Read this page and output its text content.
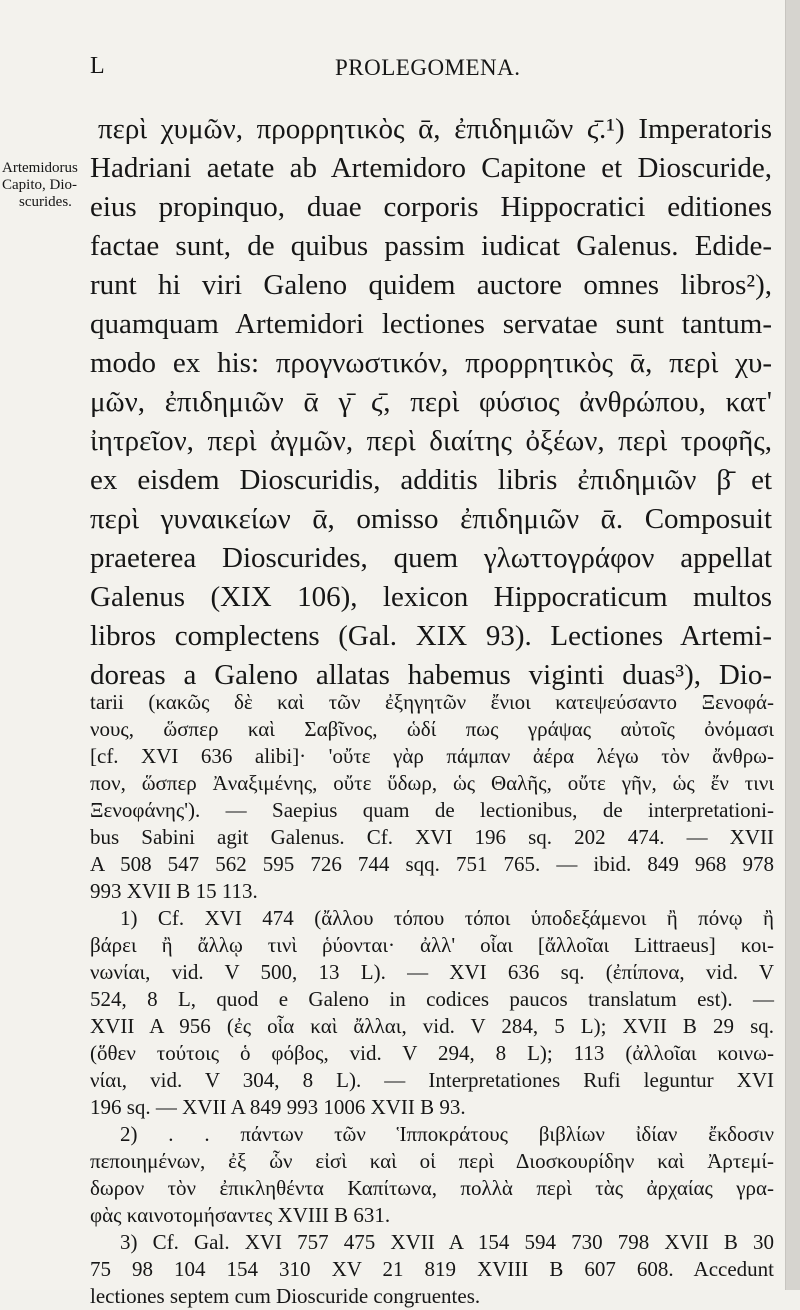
L	PROLEGOMENA.
Artemidorus
Capito, Dio-
scurides.
περὶ χυμῶν, προρρητικὸς ᾱ, ἐπιδημιῶν ϛ̄.¹) Imperatoris
Hadriani aetate ab Artemidoro Capitone et Dioscuride,
eius propinquo, duae corporis Hippocratici editiones
factae sunt, de quibus passim iudicat Galenus. Edide-
runt hi viri Galeno quidem auctore omnes libros²),
quamquam Artemidori lectiones servatae sunt tantum-
modo ex his: προγνωστικόν, προρρητικὸς ᾱ, περὶ χυ-
μῶν, ἐπιδημιῶν ᾱ γ̄ ϛ̄, περὶ φύσιος ἀνθρώπου, κατ'
ἰητρεῖον, περὶ ἀγμῶν, περὶ διαίτης ὀξέων, περὶ τροφῆς,
ex eisdem Dioscuridis, additis libris ἐπιδημιῶν β̄ et
περὶ γυναικείων ᾱ, omisso ἐπιδημιῶν ᾱ. Composuit
praeterea Dioscurides, quem γλωττογράφον appellat
Galenus (XIX 106), lexicon Hippocraticum multos
libros complectens (Gal. XIX 93). Lectiones Artemi-
doreas a Galeno allatas habemus viginti duas³), Dio-
tarii (κακῶς δὲ καὶ τῶν ἐξηγητῶν ἔνιοι κατεψεύσαντο Ξενοφά-
νους, ὥσπερ καὶ Σαβῖνος, ὡδί πως γράψας αὐτοῖς ὀνόμασι
[cf. XVI 636 alibi]· 'οὔτε γὰρ πάμπαν ἀέρα λέγω τὸν ἄνθρω-
πον, ὥσπερ Ἀναξιμένης, οὔτε ὕδωρ, ὡς Θαλῆς, οὔτε γῆν, ὡς ἔν τινι
Ξενοφάνης'). — Saepius quam de lectionibus, de interpretationi-
bus Sabini agit Galenus. Cf. XVI 196 sq. 202 474. — XVII
A 508 547 562 595 726 744 sqq. 751 765. — ibid. 849 968 978
993 XVII B 15 113.
1) Cf. XVI 474 (ἄλλου τόπου τόποι ὑποδεξάμενοι ἢ πόνῳ ἢ
βάρει ἢ ἄλλῳ τινὶ ῥύονται· ἀλλ' οἷαι [ἄλλοῖαι Littraeus] κοι-
νωνίαι, vid. V 500, 13 L). — XVI 636 sq. (ἐπίπονα, vid. V
524, 8 L, quod e Galeno in codices paucos translatum est). —
XVII A 956 (ἐς οἷα καὶ ἄλλαι, vid. V 284, 5 L); XVII B 29 sq.
(ὅθεν τούτοις ὁ φόβος, vid. V 294, 8 L); 113 (ἀλλοῖαι κοινω-
νίαι, vid. V 304, 8 L). — Interpretationes Rufi leguntur XVI
196 sq. — XVII A 849 993 1006 XVII B 93.
2) . . πάντων τῶν Ἱπποκράτους βιβλίων ἰδίαν ἔκδοσιν
πεποιημένων, ἐξ ὧν εἰσὶ καὶ οἱ περὶ Διοσκουρίδην καὶ Ἀρτεμί-
δωρον τὸν ἐπικληθέντα Καπίτωνα, πολλὰ περὶ τὰς ἀρχαίας γρα-
φὰς καινοτομήσαντες XVIII B 631.
3) Cf. Gal. XVI 757 475 XVII A 154 594 730 798 XVII B 30
75 98 104 154 310 XV 21 819 XVIII B 607 608. Accedunt
lectiones septem cum Dioscuride congruentes.
